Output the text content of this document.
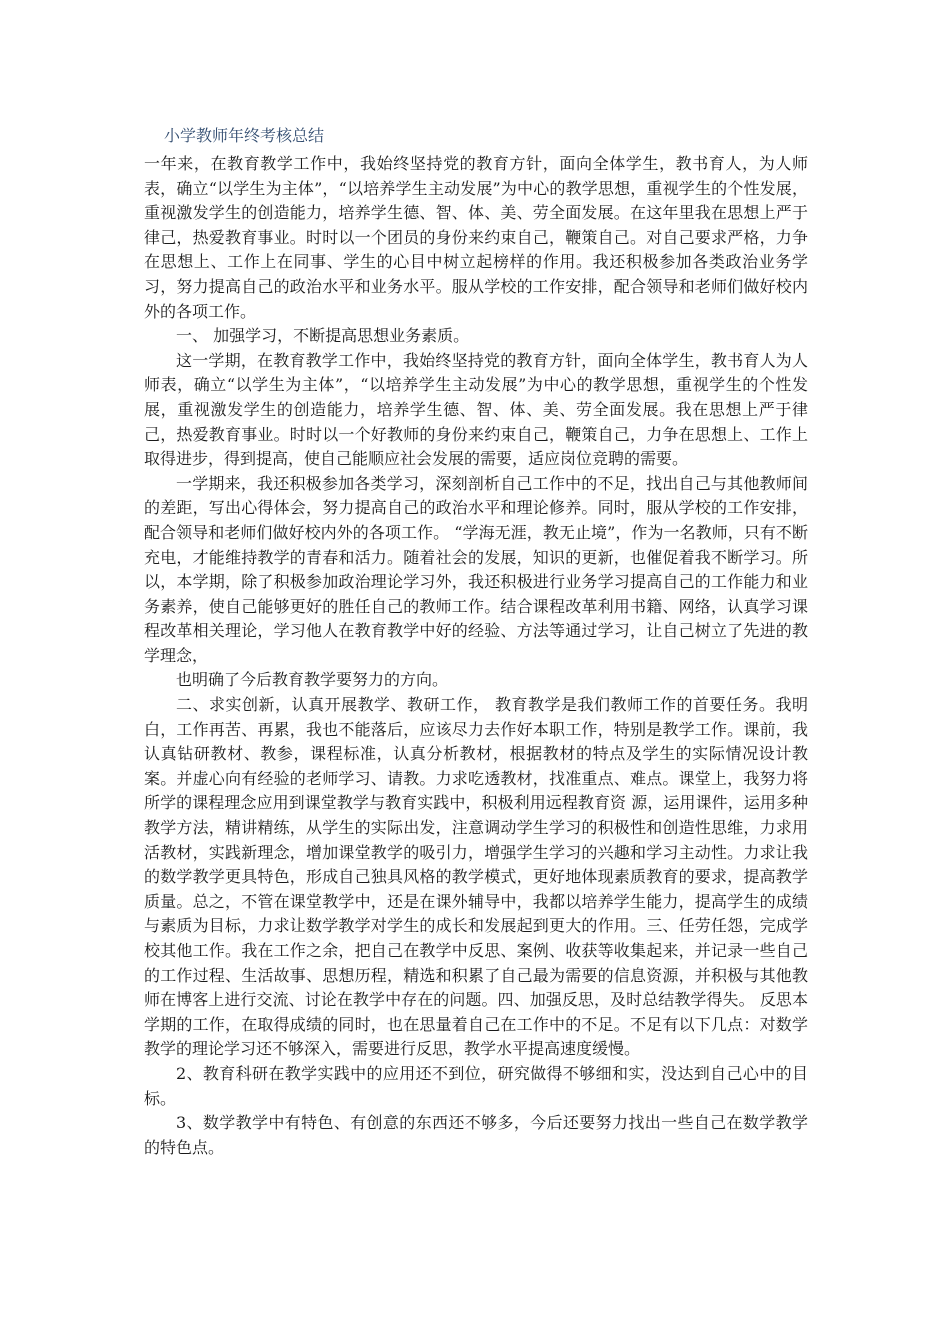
小学教师年终考核总结

一年来，在教育教学工作中，我始终坚持党的教育方针，面向全体学生，教书育人，为人师表，确立“以学生为主体”，“以培养学生主动发展”为中心的教学思想，重视学生的个性发展，重视激发学生的创造能力，培养学生德、智、体、美、劳全面发展。在这年里我在思想上严于律己，热爱教育事业。时时以一个团员的身份来约束自己，鞭策自己。对自己要求严格，力争在思想上、工作上在同事、学生的心目中树立起榜样的作用。我还积极参加各类政治业务学习，努力提高自己的政治水平和业务水平。服从学校的工作安排，配合领导和老师们做好校内外的各项工作。

一、 加强学习，不断提高思想业务素质。

这一学期，在教育教学工作中，我始终坚持党的教育方针，面向全体学生，教书育人为人师表，确立“以学生为主体”，“以培养学生主动发展”为中心的教学思想，重视学生的个性发展，重视激发学生的创造能力，培养学生德、智、体、美、劳全面发展。我在思想上严于律己，热爱教育事业。时时以一个好教师的身份来约束自己，鞭策自己，力争在思想上、工作上取得进步，得到提高，使自己能顺应社会发展的需要，适应岗位竞聘的需要。

一学期来，我还积极参加各类学习，深刻剖析自己工作中的不足，找出自己与其他教师间的差距，写出心得体会，努力提高自己的政治水平和理论修养。同时，服从学校的工作安排，配合领导和老师们做好校内外的各项工作。 “学海无涯，教无止境”，作为一名教师，只有不断充电，才能维持教学的青春和活力。随着社会的发展，知识的更新，也催促着我不断学习。所以，本学期，除了积极参加政治理论学习外，我还积极进行业务学习提高自己的工作能力和业务素养，使自己能够更好的胜任自己的教师工作。结合课程改革利用书籍、网络，认真学习课程改革相关理论，学习他人在教育教学中好的经验、方法等通过学习，让自己树立了先进的教学理念，

也明确了今后教育教学要努力的方向。

二、求实创新，认真开展教学、教研工作， 教育教学是我们教师工作的首要任务。我明白，工作再苦、再累，我也不能落后，应该尽力去作好本职工作，特别是教学工作。课前，我认真钻研教材、教参，课程标准，认真分析教材，根据教材的特点及学生的实际情况设计教案。并虚心向有经验的老师学习、请教。力求吃透教材，找准重点、难点。课堂上，我努力将所学的课程理念应用到课堂教学与教育实践中，积极利用远程教育资 源，运用课件，运用多种教学方法，精讲精练，从学生的实际出发，注意调动学生学习的积极性和创造性思维，力求用活教材，实践新理念，增加课堂教学的吸引力，增强学生学习的兴趣和学习主动性。力求让我的数学教学更具特色，形成自己独具风格的教学模式，更好地体现素质教育的要求，提高教学质量。总之，不管在课堂教学中，还是在课外辅导中，我都以培养学生能力，提高学生的成绩与素质为目标，力求让数学教学对学生的成长和发展起到更大的作用。三、任劳任怨，完成学校其他工作。我在工作之余，把自己在教学中反思、案例、收获等收集起来，并记录一些自己的工作过程、生活故事、思想历程，精选和积累了自己最为需要的信息资源，并积极与其他教师在博客上进行交流、讨论在教学中存在的问题。四、加强反思，及时总结教学得失。 反思本学期的工作，在取得成绩的同时，也在思量着自己在工作中的不足。不足有以下几点：对数学教学的理论学习还不够深入，需要进行反思，教学水平提高速度缓慢。

2、教育科研在教学实践中的应用还不到位，研究做得不够细和实，没达到自己心中的目标。

3、数学教学中有特色、有创意的东西还不够多，今后还要努力找出一些自己在数学教学的特色点。
